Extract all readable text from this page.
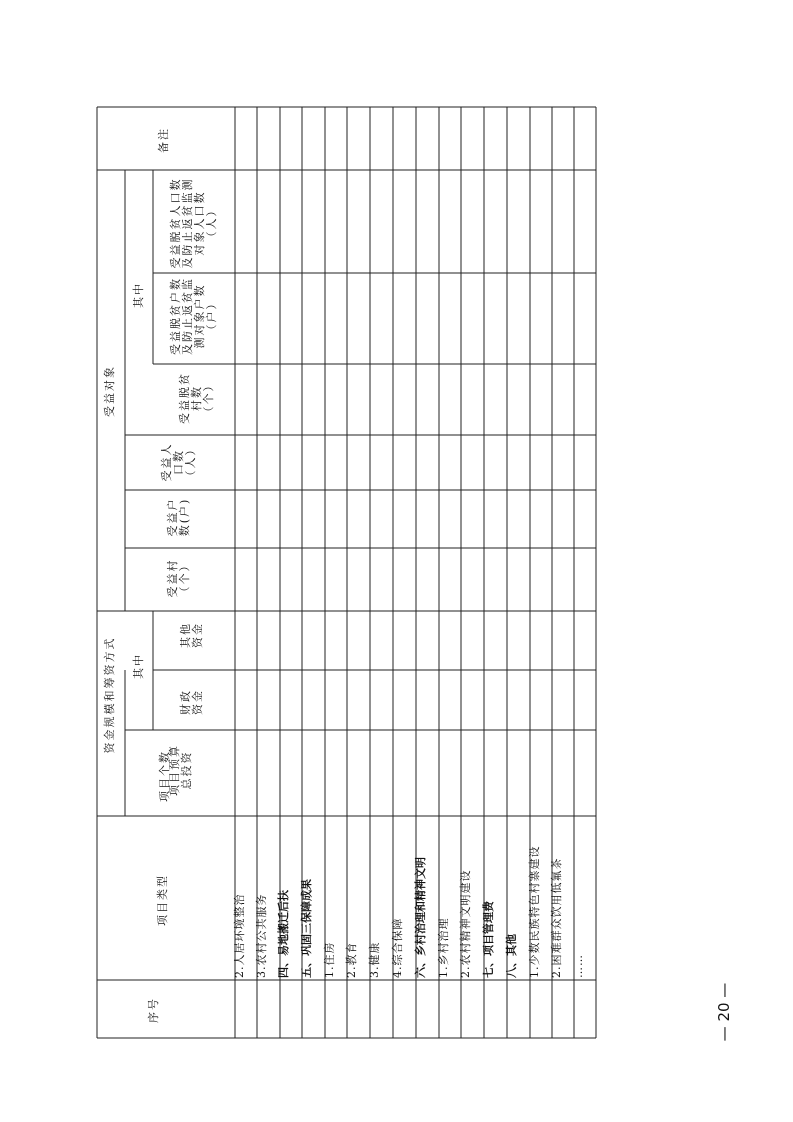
序号
项目类型
项目个数
资金规模和筹资方式
项目预算总投资
其中
财政资金
其他资金
受益对象
受益村（个）
受益户数(户)
受益人口数（人）
受益脱贫村数（个）
其中 受益脱贫户数及防止返贫监测对象户数（户）
受益脱贫人口数及防止返贫监测对象人口数（人）
备注
2.人居环境整治 3.农村公共服务 四、易地搬迁后扶 五、巩固三保障成果 1.住房 2.教育 3.健康 4.综合保障 六、乡村治理和精神文明 1.乡村治理 2.农村精神文明建设 七、项目管理费 八、其他 1.少数民族特色村寨建设 2.困难群众饮用低氟茶 ……
— 20 —
